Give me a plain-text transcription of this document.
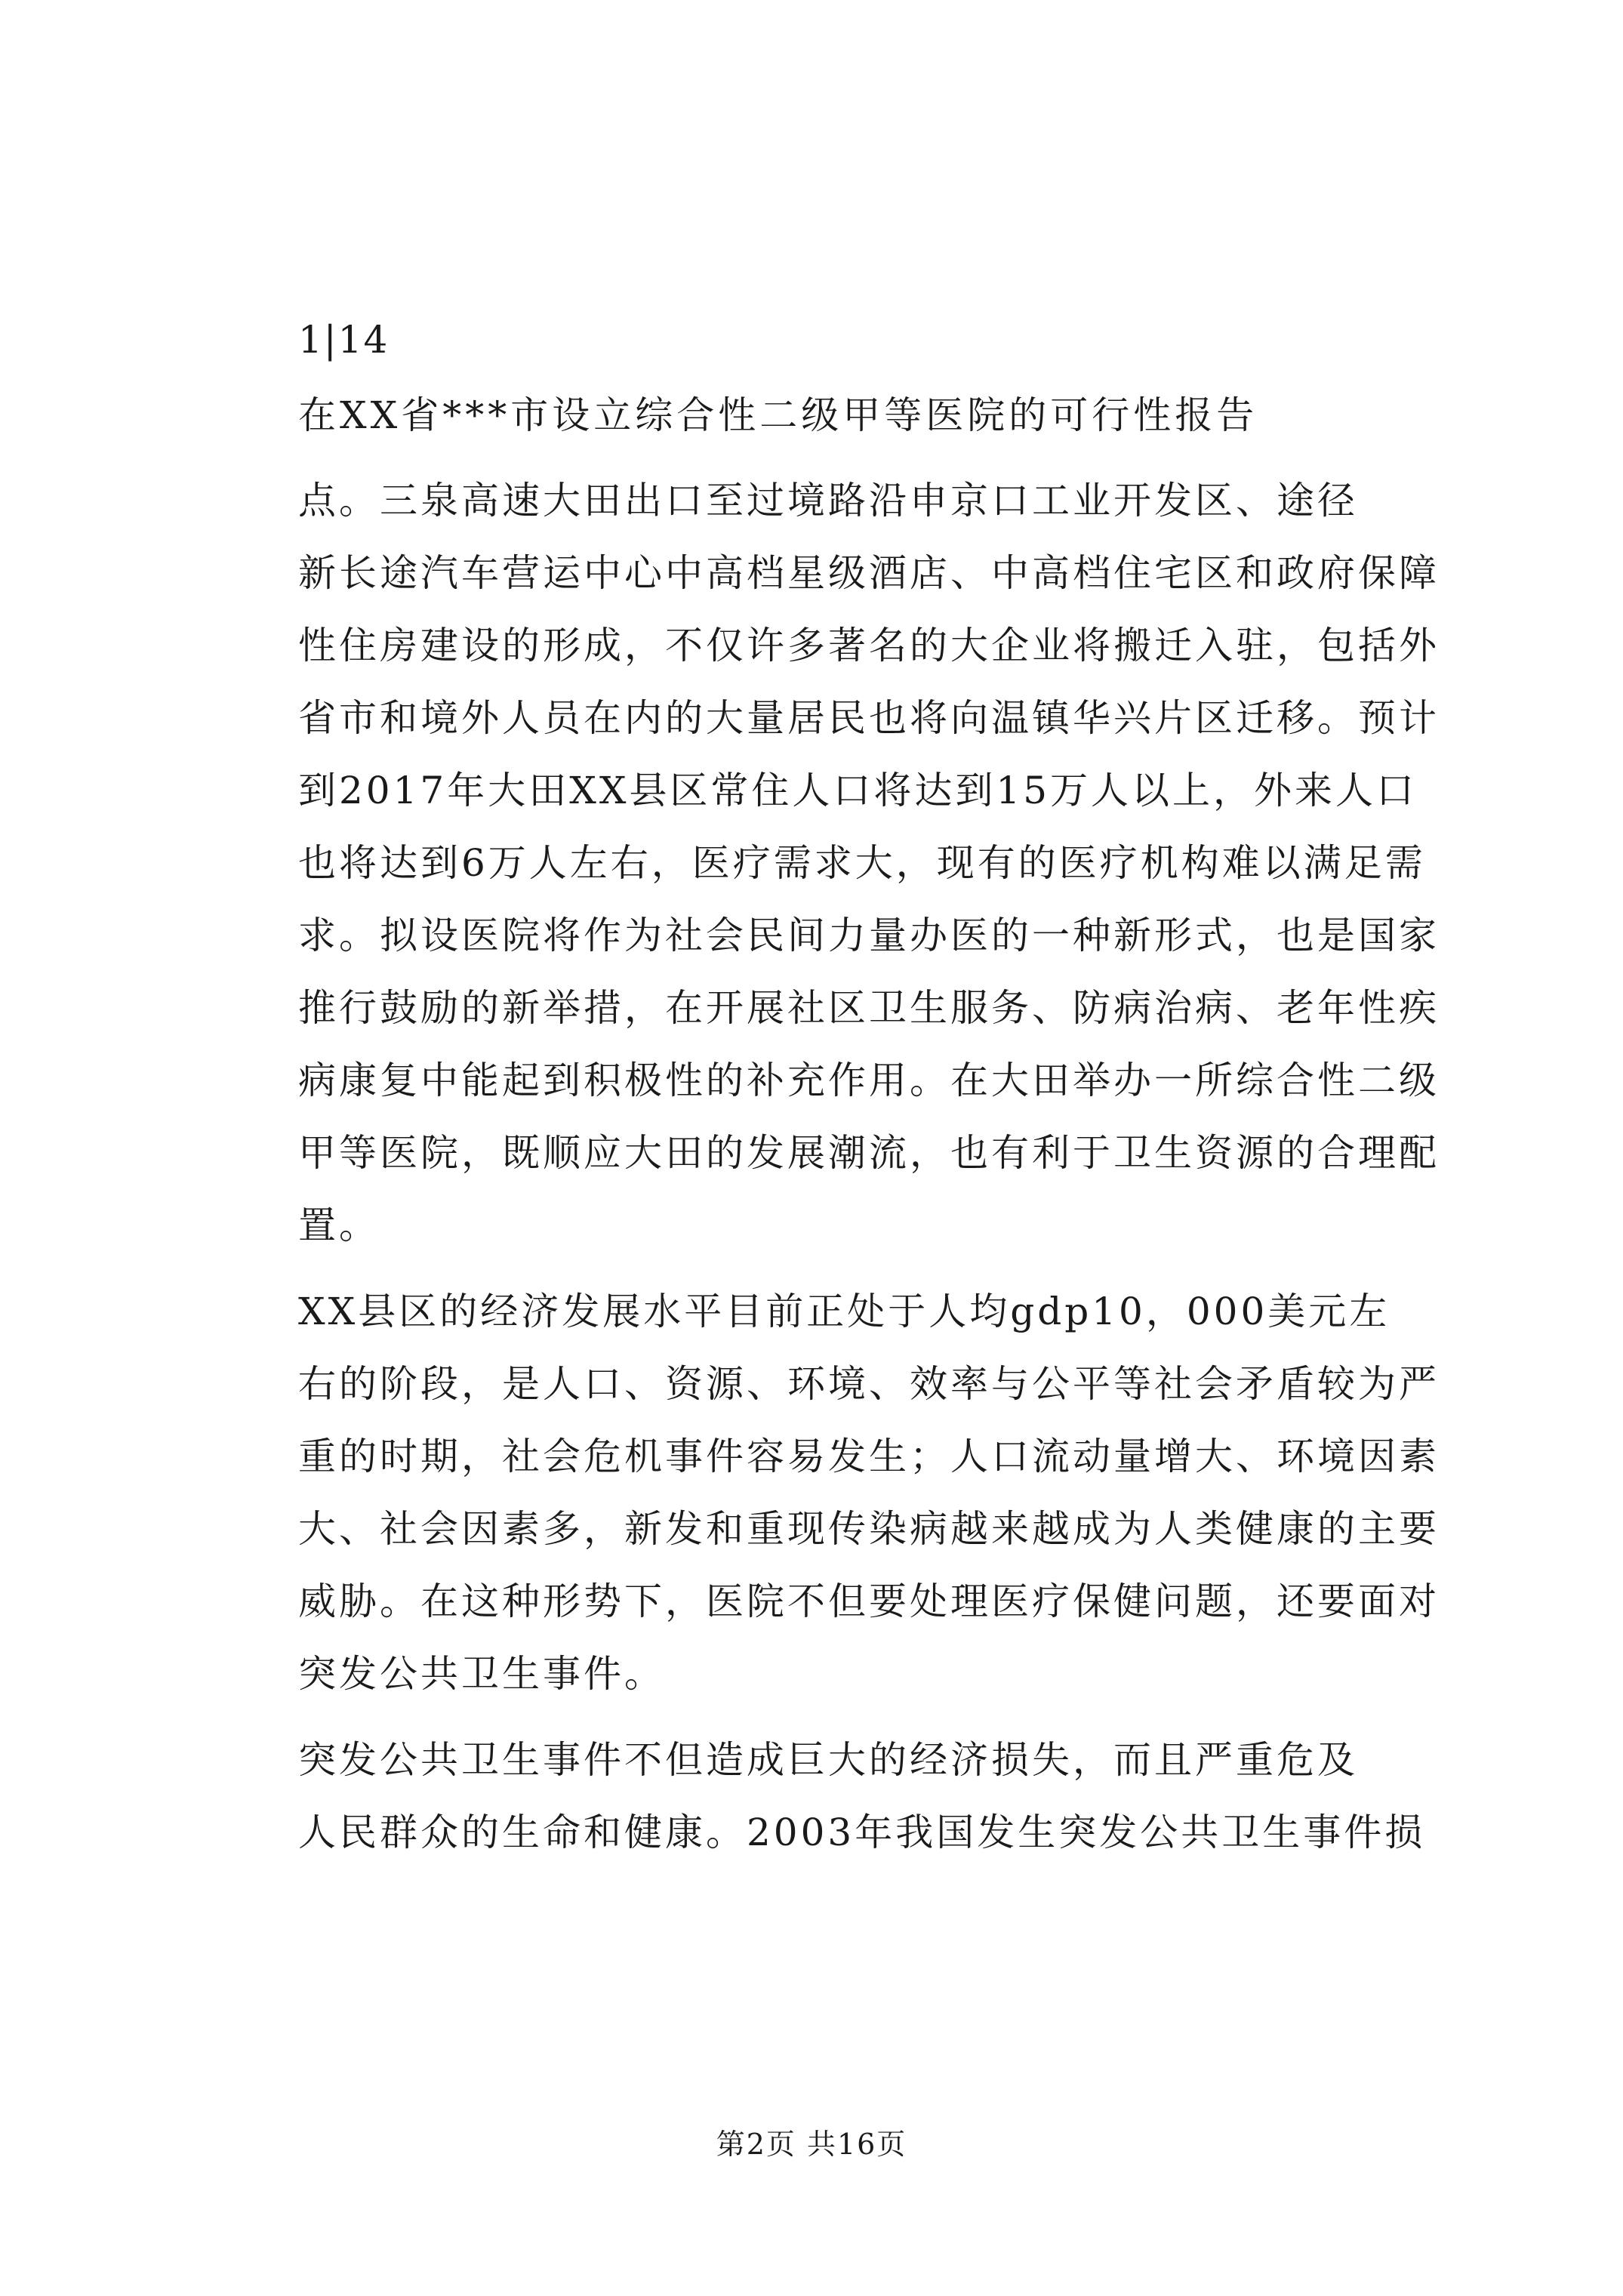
1|14
在XX省***市设立综合性二级甲等医院的可行性报告
点。三泉高速大田出口至过境路沿申京口工业开发区、途径
新长途汽车营运中心中高档星级酒店、中高档住宅区和政府保障
性住房建设的形成，不仅许多著名的大企业将搬迁入驻，包括外
省市和境外人员在内的大量居民也将向温镇华兴片区迁移。预计
到2017年大田XX县区常住人口将达到15万人以上，外来人口
也将达到6万人左右，医疗需求大，现有的医疗机构难以满足需
求。拟设医院将作为社会民间力量办医的一种新形式，也是国家
推行鼓励的新举措，在开展社区卫生服务、防病治病、老年性疾
病康复中能起到积极性的补充作用。在大田举办一所综合性二级
甲等医院，既顺应大田的发展潮流，也有利于卫生资源的合理配
置。
XX县区的经济发展水平目前正处于人均gdp10，000美元左
右的阶段，是人口、资源、环境、效率与公平等社会矛盾较为严
重的时期，社会危机事件容易发生；人口流动量增大、环境因素
大、社会因素多，新发和重现传染病越来越成为人类健康的主要
威胁。在这种形势下，医院不但要处理医疗保健问题，还要面对
突发公共卫生事件。
突发公共卫生事件不但造成巨大的经济损失，而且严重危及
人民群众的生命和健康。2003年我国发生突发公共卫生事件损
第2页 共16页
